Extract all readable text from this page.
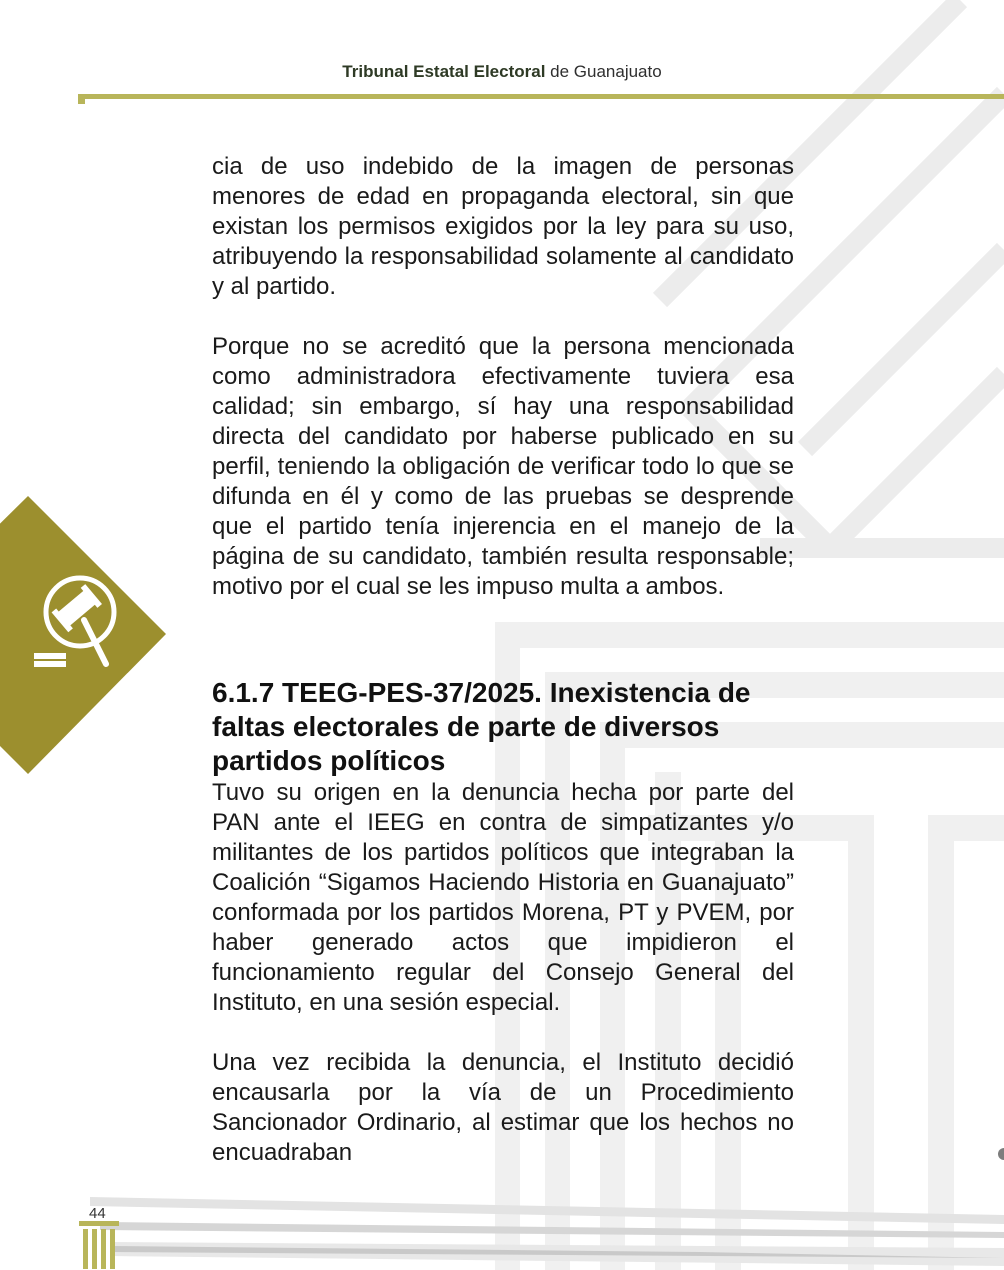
Tribunal Estatal Electoral de Guanajuato

cia de uso indebido de la imagen de personas menores de edad en propaganda electoral, sin que existan los permisos exigidos por la ley para su uso, atribuyendo la responsabilidad solamente al candidato y al partido.

Porque no se acreditó que la persona mencionada como administradora efectivamente tuviera esa calidad; sin embargo, sí hay una responsabilidad directa del candidato por haberse publicado en su perfil, teniendo la obligación de verificar todo lo que se difunda en él y como de las pruebas se desprende que el partido tenía injerencia en el manejo de la página de su candidato, también resulta responsable; motivo por el cual se les impuso multa a ambos.

6.1.7 TEEG-PES-37/2025. Inexistencia de faltas electorales de parte de diversos partidos políticos

Tuvo su origen en la denuncia hecha por parte del PAN ante el IEEG en contra de simpatizantes y/o militantes de los partidos políticos que integraban la Coalición “Sigamos Haciendo Historia en Guanajuato” conformada por los partidos Morena, PT y PVEM, por haber generado actos que impidieron el funcionamiento regular del Consejo General del Instituto, en una sesión especial.

Una vez recibida la denuncia, el Instituto decidió encausarla por la vía de un Procedimiento Sancionador Ordinario, al estimar que los hechos no encuadraban

44
